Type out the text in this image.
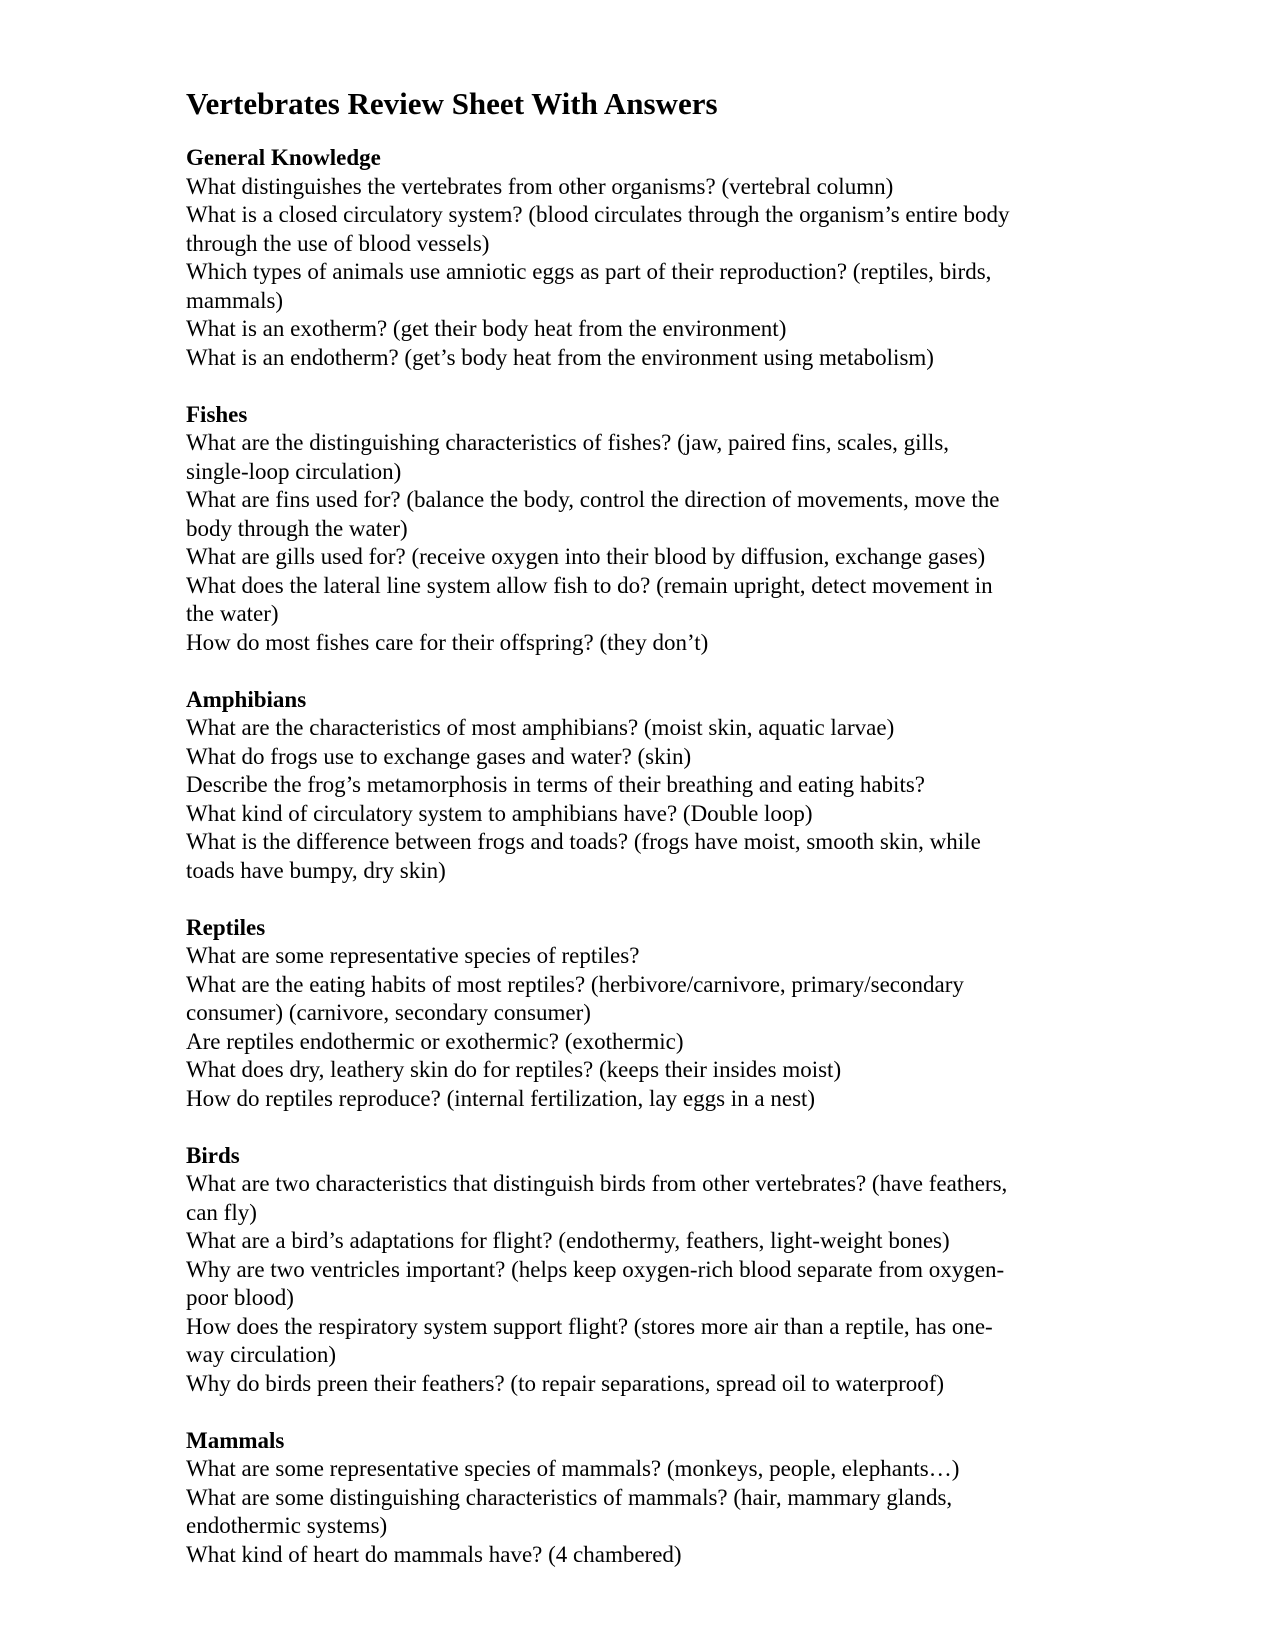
Vertebrates Review Sheet With Answers
General Knowledge
What distinguishes the vertebrates from other organisms? (vertebral column)
What is a closed circulatory system? (blood circulates through the organism’s entire body
through the use of blood vessels)
Which types of animals use amniotic eggs as part of their reproduction? (reptiles, birds,
mammals)
What is an exotherm? (get their body heat from the environment)
What is an endotherm? (get’s body heat from the environment using metabolism)
Fishes
What are the distinguishing characteristics of fishes? (jaw, paired fins, scales, gills,
single-loop circulation)
What are fins used for? (balance the body, control the direction of movements, move the
body through the water)
What are gills used for? (receive oxygen into their blood by diffusion, exchange gases)
What does the lateral line system allow fish to do? (remain upright, detect movement in
the water)
How do most fishes care for their offspring? (they don’t)
Amphibians
What are the characteristics of most amphibians? (moist skin, aquatic larvae)
What do frogs use to exchange gases and water? (skin)
Describe the frog’s metamorphosis in terms of their breathing and eating habits?
What kind of circulatory system to amphibians have? (Double loop)
What is the difference between frogs and toads? (frogs have moist, smooth skin, while
toads have bumpy, dry skin)
Reptiles
What are some representative species of reptiles?
What are the eating habits of most reptiles? (herbivore/carnivore, primary/secondary
consumer) (carnivore, secondary consumer)
Are reptiles endothermic or exothermic? (exothermic)
What does dry, leathery skin do for reptiles? (keeps their insides moist)
How do reptiles reproduce? (internal fertilization, lay eggs in a nest)
Birds
What are two characteristics that distinguish birds from other vertebrates? (have feathers,
can fly)
What are a bird’s adaptations for flight? (endothermy, feathers, light-weight bones)
Why are two ventricles important? (helps keep oxygen-rich blood separate from oxygen-
poor blood)
How does the respiratory system support flight? (stores more air than a reptile, has one-
way circulation)
Why do birds preen their feathers? (to repair separations, spread oil to waterproof)
Mammals
What are some representative species of mammals? (monkeys, people, elephants…)
What are some distinguishing characteristics of mammals? (hair, mammary glands,
endothermic systems)
What kind of heart do mammals have? (4 chambered)
